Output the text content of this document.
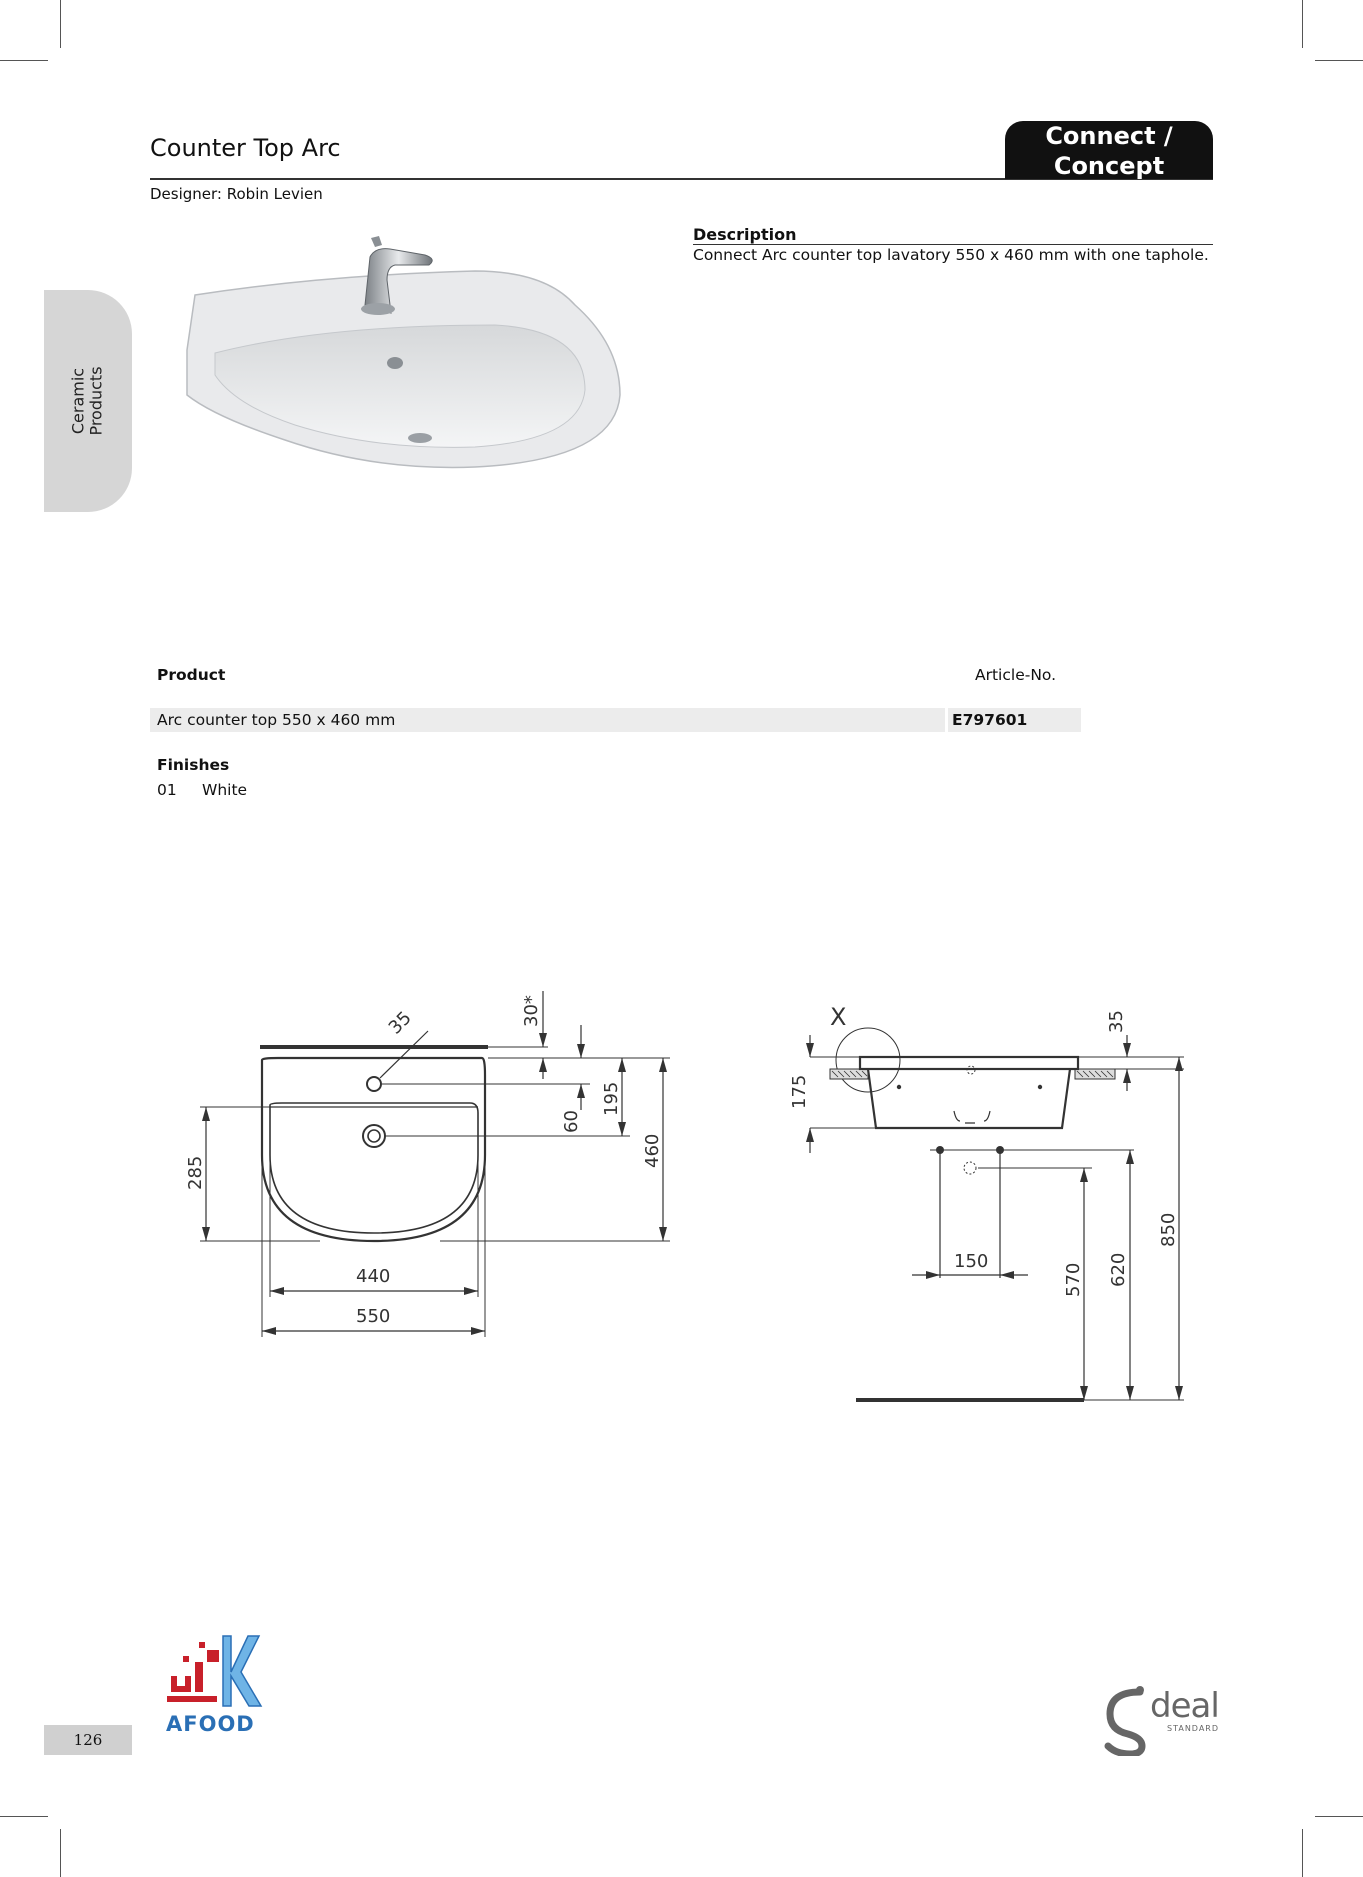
Counter Top Arc	Connect /
Concept
Designer: Robin Levien
Ceramic Products
Description
Connect Arc counter top lavatory 550 x 460 mm with one taphole.
Product	Article-No.
Arc counter top 550 x 460 mm	E797601
Finishes
01 White
35	30*
60
195
460
285
440
550
X
175
35
150
570 620
850
AFOOD
126
deal
STANDARD
